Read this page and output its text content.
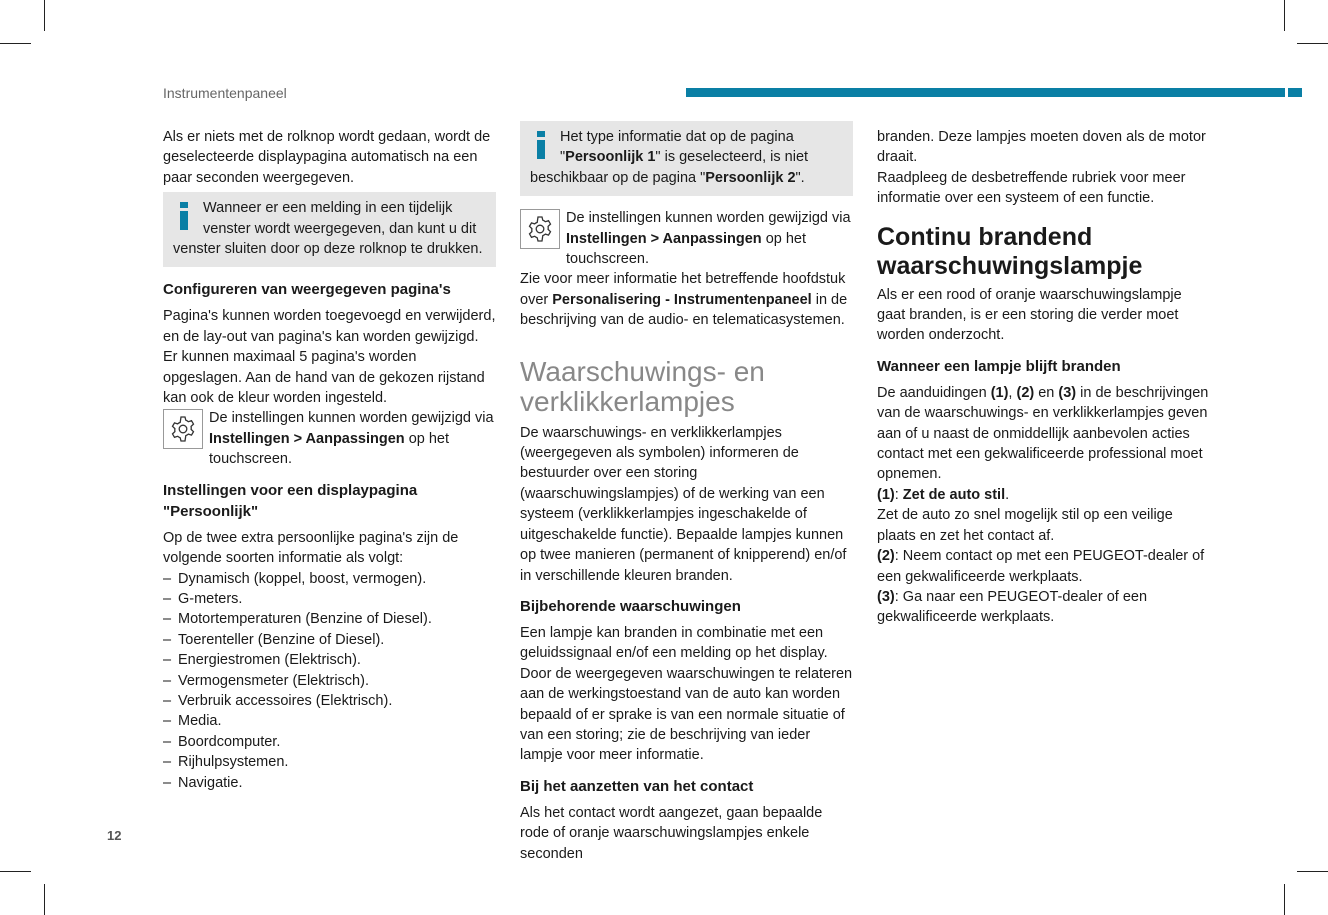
Instrumentenpaneel

Als er niets met de rolknop wordt gedaan, wordt de geselecteerde displaypagina automatisch na een paar seconden weergegeven.

Wanneer er een melding in een tijdelijk venster wordt weergegeven, dan kunt u dit venster sluiten door op deze rolknop te drukken.
Configureren van weergegeven pagina's

Pagina's kunnen worden toegevoegd en verwijderd, en de lay-out van pagina's kan worden gewijzigd. Er kunnen maximaal 5 pagina's worden opgeslagen. Aan de hand van de gekozen rijstand kan ook de kleur worden ingesteld.

De instellingen kunnen worden gewijzigd via Instellingen > Aanpassingen op het touchscreen.
Instellingen voor een displaypagina "Persoonlijk"

Op de twee extra persoonlijke pagina's zijn de volgende soorten informatie als volgt:

– Dynamisch (koppel, boost, vermogen).
– G-meters.
– Motortemperaturen (Benzine of Diesel).
– Toerenteller (Benzine of Diesel).
– Energiestromen (Elektrisch).
– Vermogensmeter (Elektrisch).
– Verbruik accessoires (Elektrisch).
– Media.
– Boordcomputer.
– Rijhulpsystemen.
– Navigatie.
Het type informatie dat op de pagina "Persoonlijk 1" is geselecteerd, is niet beschikbaar op de pagina "Persoonlijk 2".
De instellingen kunnen worden gewijzigd via Instellingen > Aanpassingen op het touchscreen.

Zie voor meer informatie het betreffende hoofdstuk over Personalisering - Instrumentenpaneel in de beschrijving van de audio- en telematicasystemen.

Waarschuwings- en verklikkerlampjes

De waarschuwings- en verklikkerlampjes (weergegeven als symbolen) informeren de bestuurder over een storing (waarschuwingslampjes) of de werking van een systeem (verklikkerlampjes ingeschakelde of uitgeschakelde functie). Bepaalde lampjes kunnen op twee manieren (permanent of knipperend) en/of in verschillende kleuren branden.

Bijbehorende waarschuwingen

Een lampje kan branden in combinatie met een geluidssignaal en/of een melding op het display. Door de weergegeven waarschuwingen te relateren aan de werkingstoestand van de auto kan worden bepaald of er sprake is van een normale situatie of van een storing; zie de beschrijving van ieder lampje voor meer informatie.

Bij het aanzetten van het contact

Als het contact wordt aangezet, gaan bepaalde rode of oranje waarschuwingslampjes enkele seconden

branden. Deze lampjes moeten doven als de motor draait.

Raadpleeg de desbetreffende rubriek voor meer informatie over een systeem of een functie.

Continu brandend waarschuwingslampje

Als er een rood of oranje waarschuwingslampje gaat branden, is er een storing die verder moet worden onderzocht.

Wanneer een lampje blijft branden

De aanduidingen (1), (2) en (3) in de beschrijvingen van de waarschuwings- en verklikkerlampjes geven aan of u naast de onmiddellijk aanbevolen acties contact met een gekwalificeerde professional moet opnemen.

(1): Zet de auto stil.

Zet de auto zo snel mogelijk stil op een veilige plaats en zet het contact af.

(2): Neem contact op met een PEUGEOT-dealer of een gekwalificeerde werkplaats.

(3): Ga naar een PEUGEOT-dealer of een gekwalificeerde werkplaats.

12
